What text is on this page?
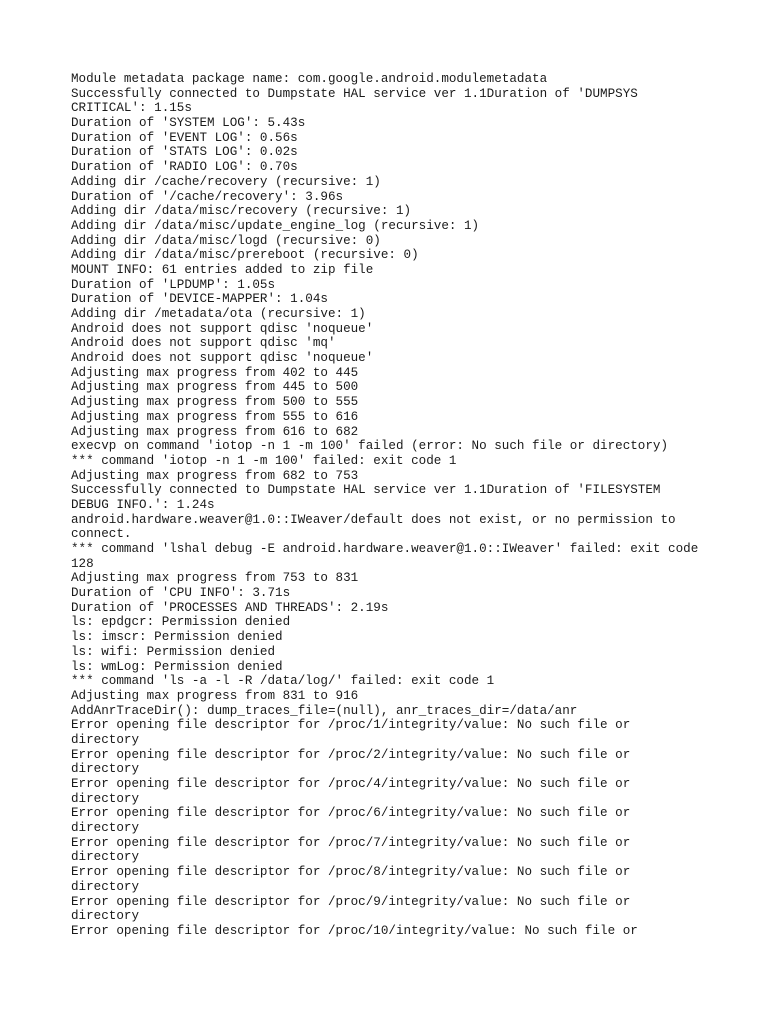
Module metadata package name: com.google.android.modulemetadata
Successfully connected to Dumpstate HAL service ver 1.1Duration of 'DUMPSYS
CRITICAL': 1.15s
Duration of 'SYSTEM LOG': 5.43s
Duration of 'EVENT LOG': 0.56s
Duration of 'STATS LOG': 0.02s
Duration of 'RADIO LOG': 0.70s
Adding dir /cache/recovery (recursive: 1)
Duration of '/cache/recovery': 3.96s
Adding dir /data/misc/recovery (recursive: 1)
Adding dir /data/misc/update_engine_log (recursive: 1)
Adding dir /data/misc/logd (recursive: 0)
Adding dir /data/misc/prereboot (recursive: 0)
MOUNT INFO: 61 entries added to zip file
Duration of 'LPDUMP': 1.05s
Duration of 'DEVICE-MAPPER': 1.04s
Adding dir /metadata/ota (recursive: 1)
Android does not support qdisc 'noqueue'
Android does not support qdisc 'mq'
Android does not support qdisc 'noqueue'
Adjusting max progress from 402 to 445
Adjusting max progress from 445 to 500
Adjusting max progress from 500 to 555
Adjusting max progress from 555 to 616
Adjusting max progress from 616 to 682
execvp on command 'iotop -n 1 -m 100' failed (error: No such file or directory)
*** command 'iotop -n 1 -m 100' failed: exit code 1
Adjusting max progress from 682 to 753
Successfully connected to Dumpstate HAL service ver 1.1Duration of 'FILESYSTEM
DEBUG INFO.': 1.24s
android.hardware.weaver@1.0::IWeaver/default does not exist, or no permission to
connect.
*** command 'lshal debug -E android.hardware.weaver@1.0::IWeaver' failed: exit code
128
Adjusting max progress from 753 to 831
Duration of 'CPU INFO': 3.71s
Duration of 'PROCESSES AND THREADS': 2.19s
ls: epdgcr: Permission denied
ls: imscr: Permission denied
ls: wifi: Permission denied
ls: wmLog: Permission denied
*** command 'ls -a -l -R /data/log/' failed: exit code 1
Adjusting max progress from 831 to 916
AddAnrTraceDir(): dump_traces_file=(null), anr_traces_dir=/data/anr
Error opening file descriptor for /proc/1/integrity/value: No such file or
directory
Error opening file descriptor for /proc/2/integrity/value: No such file or
directory
Error opening file descriptor for /proc/4/integrity/value: No such file or
directory
Error opening file descriptor for /proc/6/integrity/value: No such file or
directory
Error opening file descriptor for /proc/7/integrity/value: No such file or
directory
Error opening file descriptor for /proc/8/integrity/value: No such file or
directory
Error opening file descriptor for /proc/9/integrity/value: No such file or
directory
Error opening file descriptor for /proc/10/integrity/value: No such file or
